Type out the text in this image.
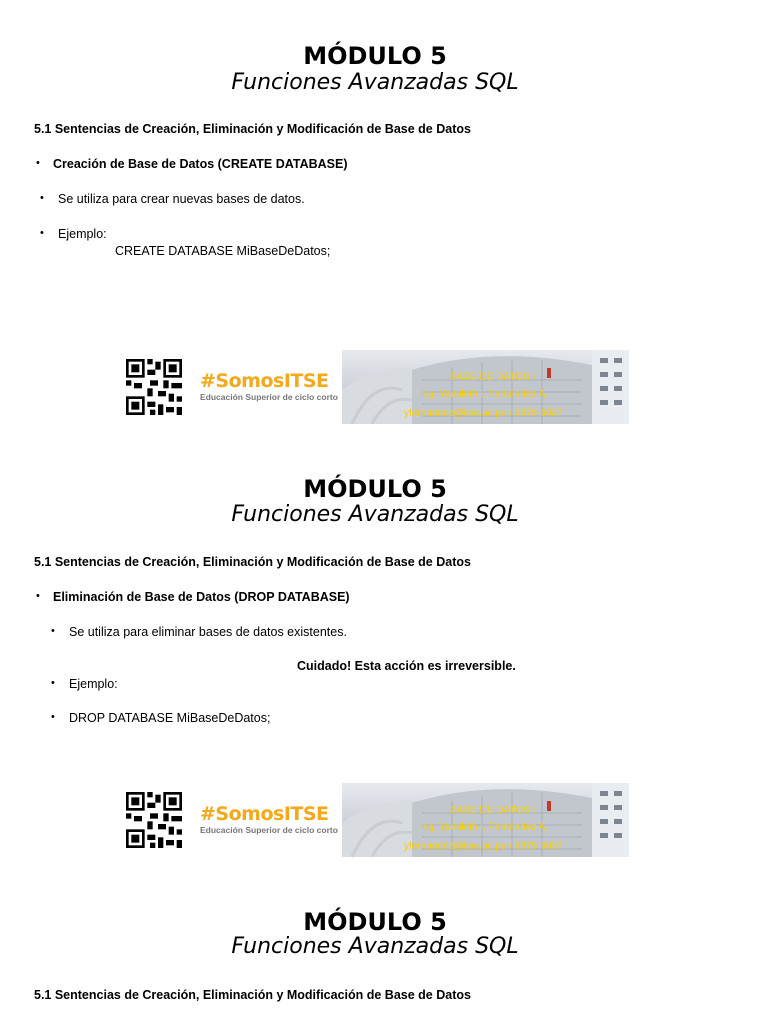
MÓDULO 5
Funciones Avanzadas SQL
5.1 Sentencias de Creación, Eliminación y Modificación de Base de Datos
• Creación de Base de Datos (CREATE DATABASE)
• Se utiliza para crear nuevas bases de datos.
• Ejemplo:
CREATE DATABASE MiBaseDeDatos;
#SomosITSE
Educación Superior de ciclo corto
BASE DE DATOS I
Ing. Yamileth I. Fernández A.
yfernandez@itse.ac.pa / 6879-6037
MÓDULO 5
Funciones Avanzadas SQL
5.1 Sentencias de Creación, Eliminación y Modificación de Base de Datos
• Eliminación de Base de Datos (DROP DATABASE)
• Se utiliza para eliminar bases de datos existentes.
Cuidado! Esta acción es irreversible.
• Ejemplo:
• DROP DATABASE MiBaseDeDatos;
#SomosITSE
Educación Superior de ciclo corto
BASE DE DATOS I
Ing. Yamileth I. Fernández A.
yfernandez@itse.ac.pa / 6879-6037
MÓDULO 5
Funciones Avanzadas SQL
5.1 Sentencias de Creación, Eliminación y Modificación de Base de Datos
